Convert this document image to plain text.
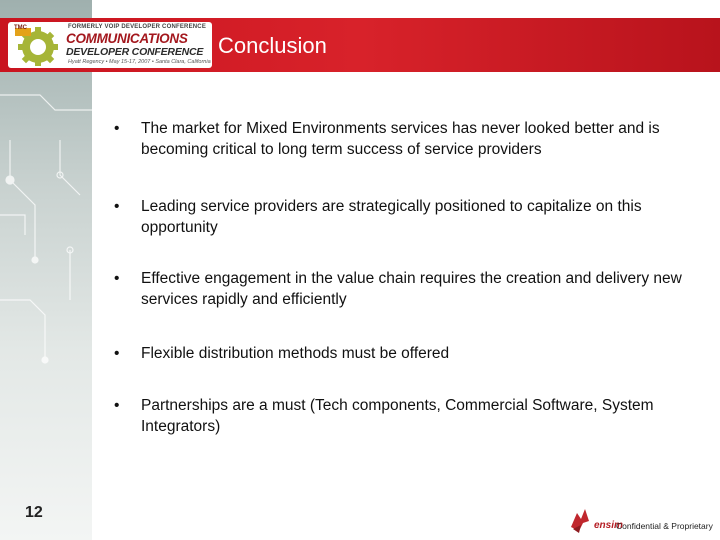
Conclusion
TMC	FORMERLY VOIP DEVELOPER CONFERENCE
COMMUNICATIONS
DEVELOPER CONFERENCE
Hyatt Regency • May 15-17, 2007 • Santa Clara, California
•	The market for Mixed Environments services has never looked better and is becoming critical to long term success of service providers
•	Leading service providers are strategically positioned to capitalize on this opportunity
•	Effective engagement in the value chain requires the creation and delivery new services rapidly and efficiently
•	Flexible distribution methods must be offered
•	Partnerships are a must (Tech components, Commercial Software, System Integrators)
12
ensim
Confidential & Proprietary
